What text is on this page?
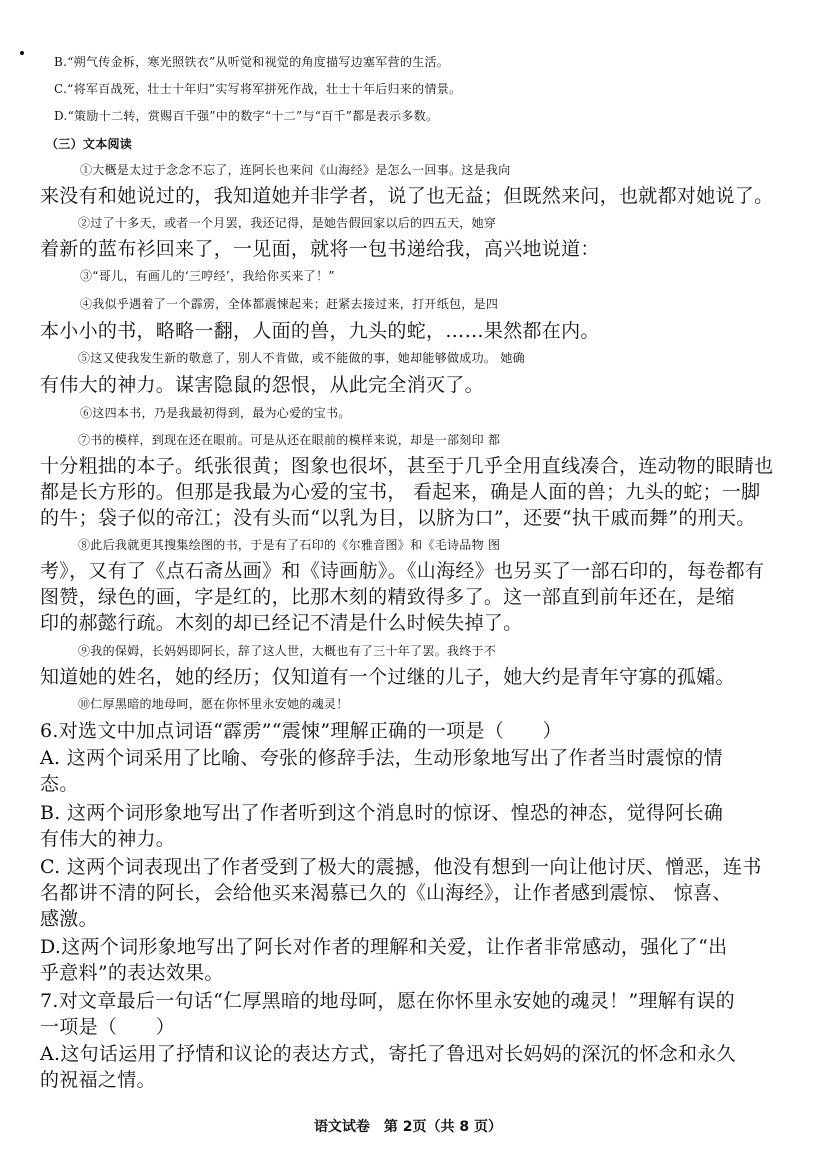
B.“朔气传金柝，寒光照铁衣”从听觉和视觉的角度描写边塞军营的生活。
C.“将军百战死，壮士十年归”实写将军拼死作战，壮士十年后归来的情景。
D.“策励十二转，赏赐百千强”中的数字“十二”与“百千”都是表示多数。
（三）文本阅读
①大概是太过于念念不忘了，连阿长也来问《山海经》是怎么一回事。这是我向
来没有和她说过的，我知道她并非学者，说了也无益；但既然来问，也就都对她说了。
②过了十多天，或者一个月罢，我还记得，是她告假回家以后的四五天，她穿
着新的蓝布衫回来了，一见面，就将一包书递给我，高兴地说道：
③“哥儿，有画儿的‘三哼经’，我给你买来了！”
④我似乎遇着了一个霹雳，全体都震悚起来；赶紧去接过来，打开纸包，是四
本小小的书，略略一翻，人面的兽，九头的蛇，……果然都在内。
⑤这又使我发生新的敬意了，别人不肯做，或不能做的事，她却能够做成功。 她确
有伟大的神力。谋害隐鼠的怨恨，从此完全消灭了。
⑥这四本书，乃是我最初得到，最为心爱的宝书。
⑦书的模样，到现在还在眼前。可是从还在眼前的模样来说，却是一部刻印 都
十分粗拙的本子。纸张很黄；图象也很坏，甚至于几乎全用直线凑合，连动物的眼睛也
都是长方形的。但那是我最为心爱的宝书， 看起来，确是人面的兽；九头的蛇；一脚
的牛；袋子似的帝江；没有头而“以乳为目，以脐为口”，还要“执干戚而舞”的刑天。
⑧此后我就更其搜集绘图的书，于是有了石印的《尔雅音图》和《毛诗品物 图
考》，又有了《点石斋丛画》和《诗画舫》。《山海经》也另买了一部石印的，每卷都有
图赞，绿色的画，字是红的，比那木刻的精致得多了。这一部直到前年还在，是缩
印的郝懿行疏。木刻的却已经记不清是什么时候失掉了。
⑨我的保姆，长妈妈即阿长，辞了这人世，大概也有了三十年了罢。我终于不
知道她的姓名，她的经历；仅知道有一个过继的儿子，她大约是青年守寡的孤孀。
⑩仁厚黑暗的地母呵，愿在你怀里永安她的魂灵！
6.对选文中加点词语“霹雳”“震悚”理解正确的一项是（　　）
A. 这两个词采用了比喻、夸张的修辞手法，生动形象地写出了作者当时震惊的情
态。
B. 这两个词形象地写出了作者听到这个消息时的惊讶、惶恐的神态，觉得阿长确
有伟大的神力。
C. 这两个词表现出了作者受到了极大的震撼，他没有想到一向让他讨厌、憎恶，连书
名都讲不清的阿长，会给他买来渴慕已久的《山海经》，让作者感到震惊、 惊喜、
感激。
D.这两个词形象地写出了阿长对作者的理解和关爱，让作者非常感动，强化了“出
乎意料”的表达效果。
7.对文章最后一句话“仁厚黑暗的地母呵，愿在你怀里永安她的魂灵！”理解有误的
一项是（　　）
A.这句话运用了抒情和议论的表达方式，寄托了鲁迅对长妈妈的深沉的怀念和永久
的祝福之情。
语文试卷　第 2页（共 8 页）
